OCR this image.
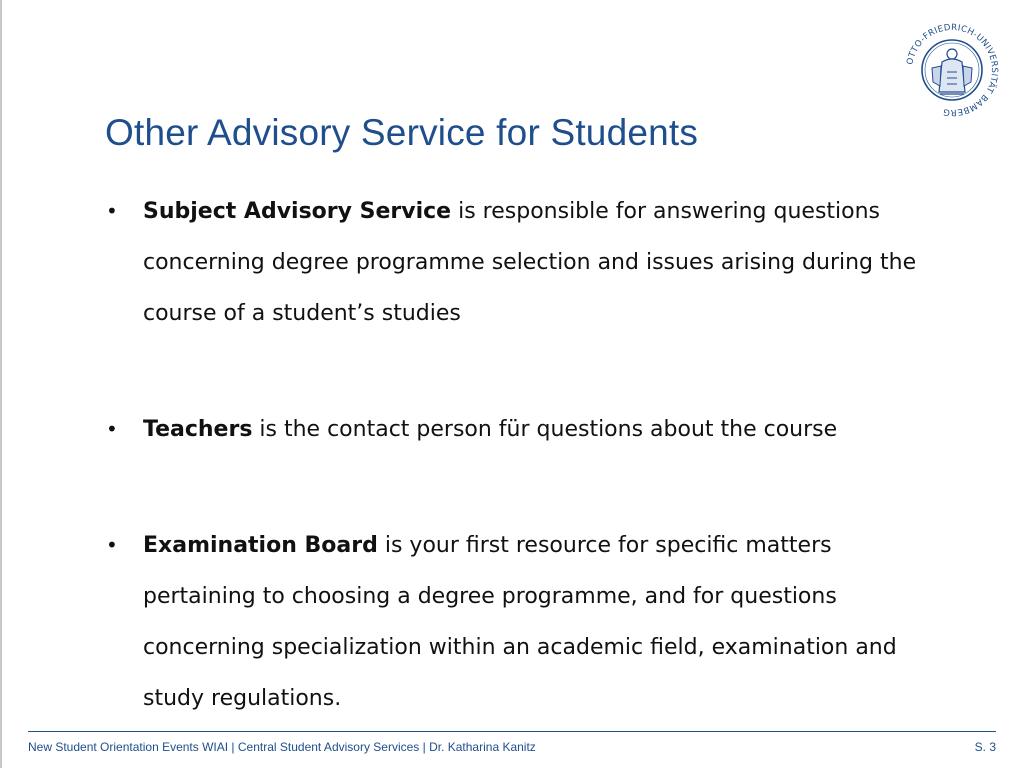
OTTO-FRIEDRICH-UNIVERSITÄT BAMBERG
Other Advisory Service for Students
• Subject Advisory Service is responsible for answering questions concerning degree programme selection and issues arising during the course of a student’s studies
• Teachers is the contact person für questions about the course
• Examination Board is your first resource for specific matters pertaining to choosing a degree programme, and for questions concerning specialization within an academic field, examination and study regulations.
New Student Orientation Events WIAI | Central Student Advisory Services | Dr. Katharina Kanitz	S. 3
